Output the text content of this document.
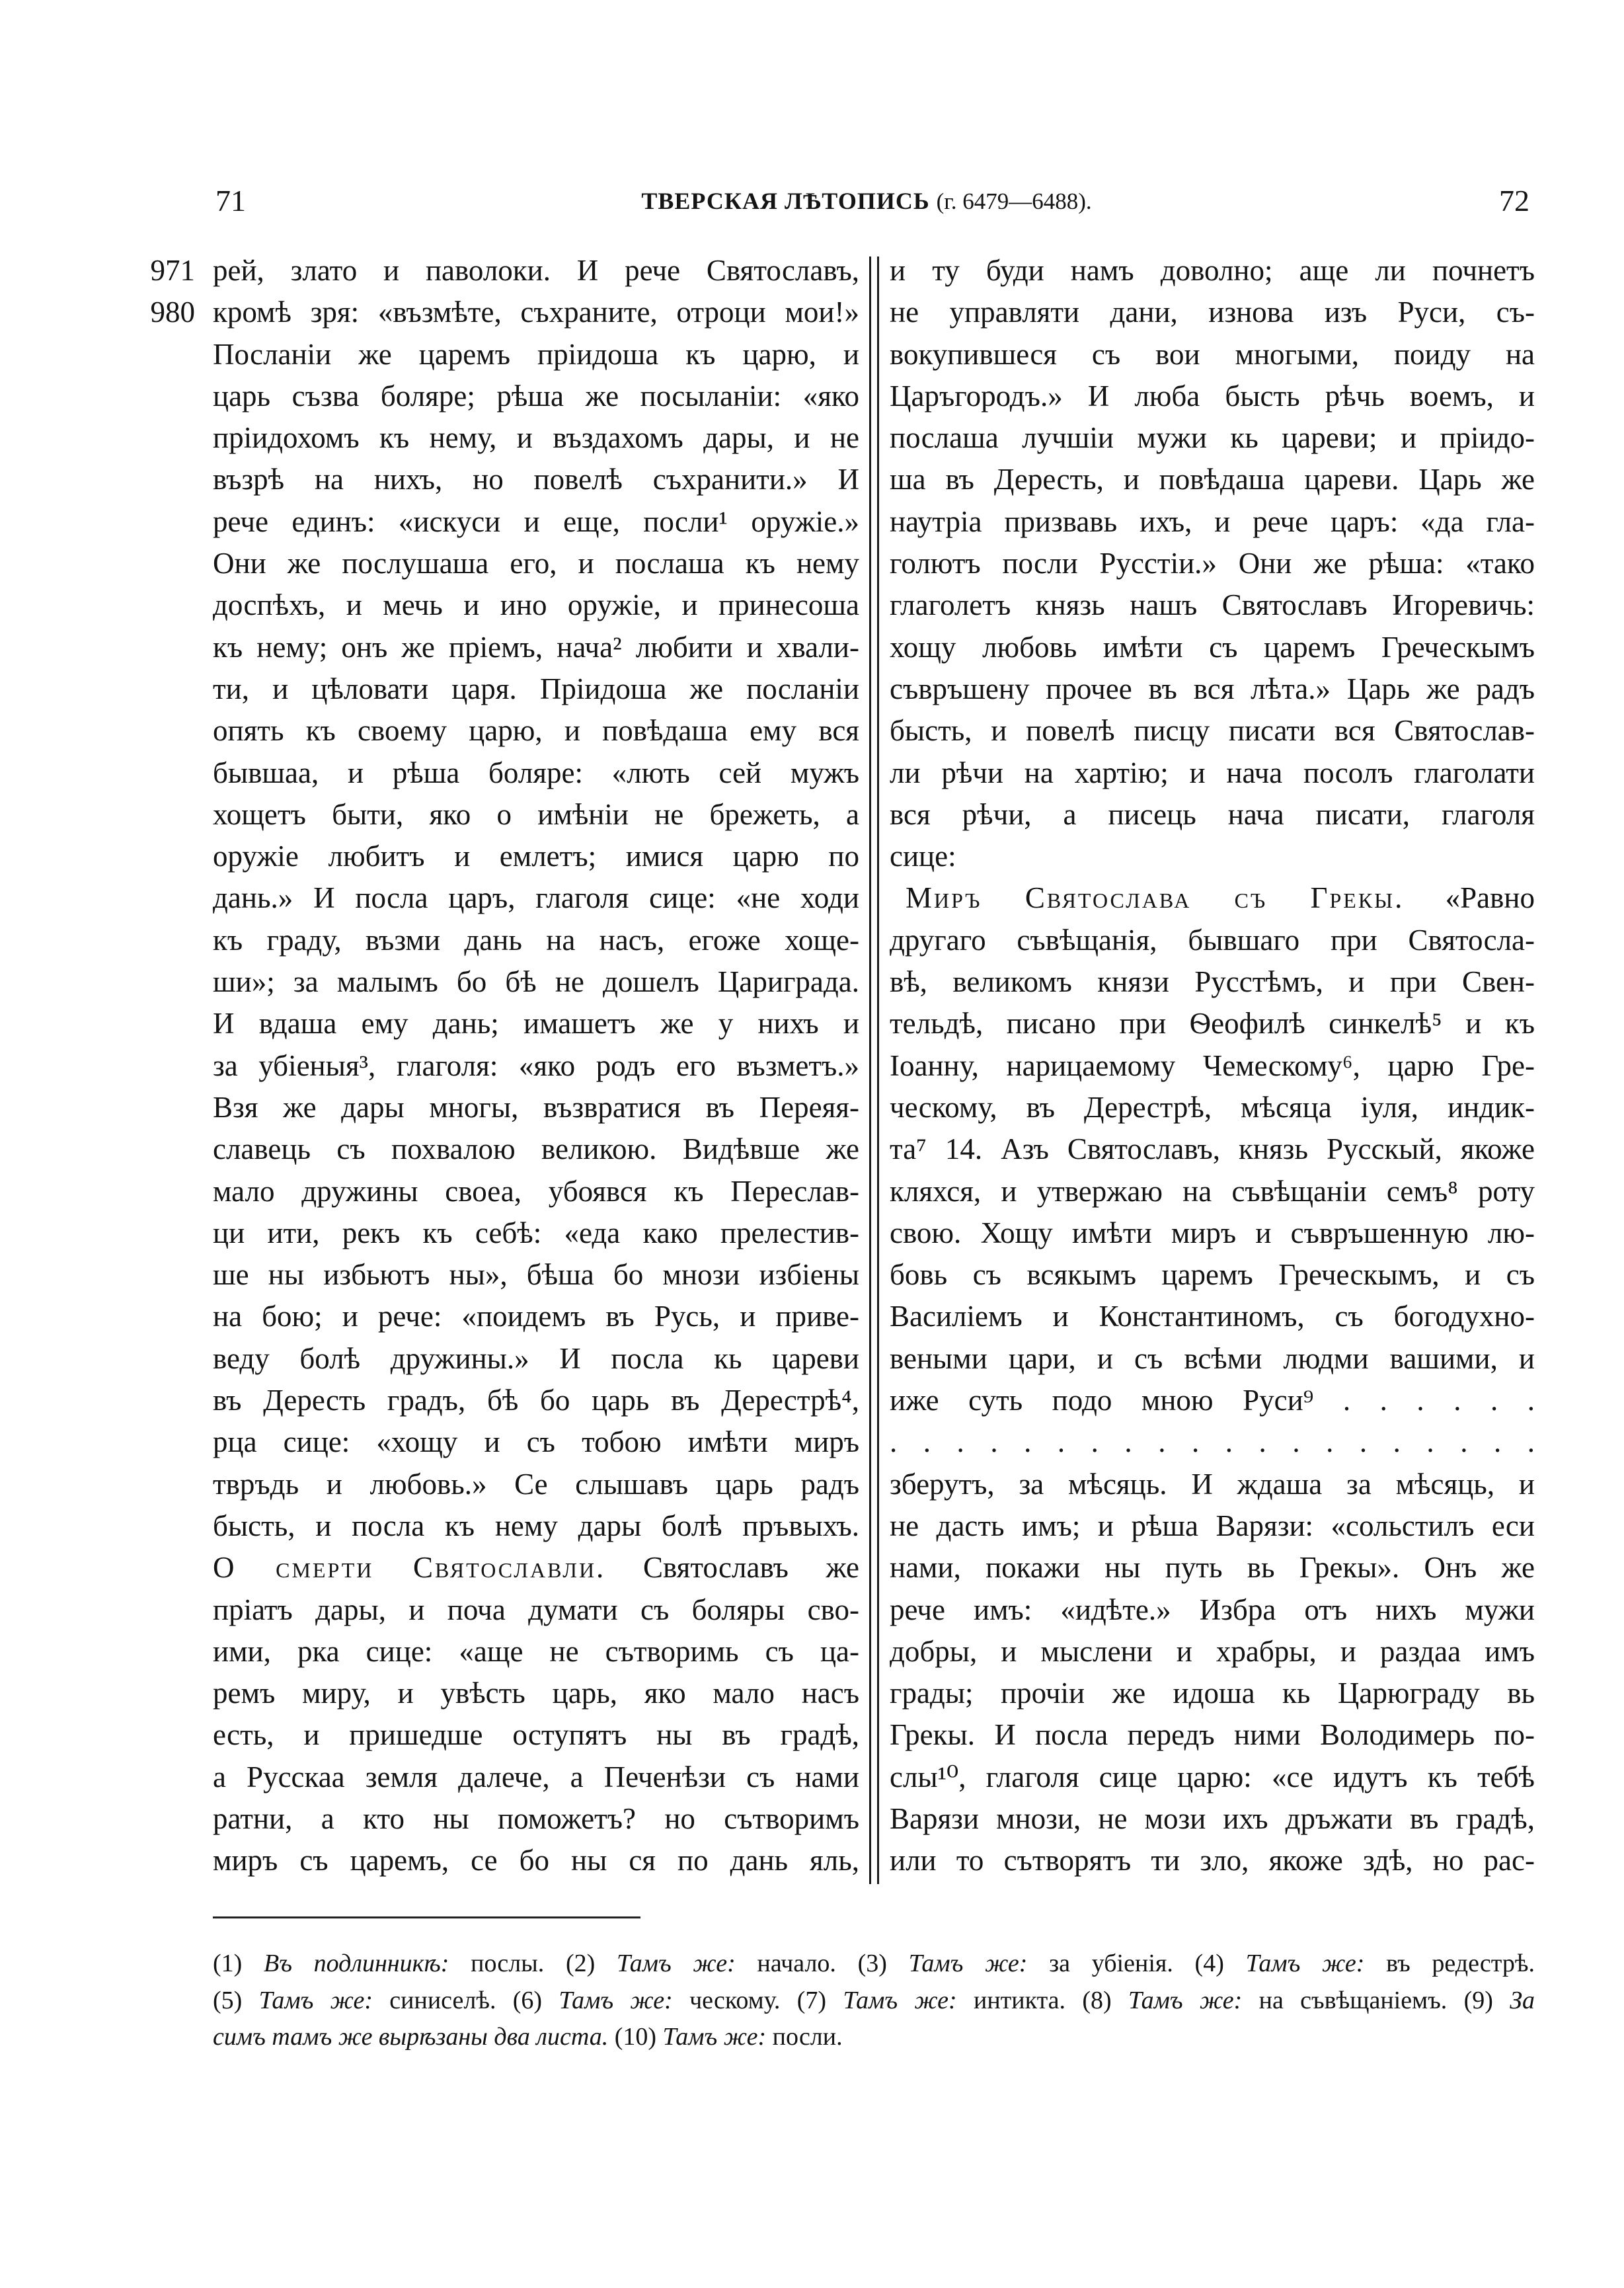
71	ТВЕРСКАЯ ЛѢТОПИСЬ (г. 6479—6488).	72
971
980
рей, злато и паволоки. И рече Святославъ,
кромѣ зря: «възмѣте, съхраните, отроци мои!»
Посланіи же царемъ пріидоша къ царю, и
царь съзва боляре; рѣша же посыланіи: «яко
пріидохомъ къ нему, и въздахомъ дары, и не
възрѣ на нихъ, но повелѣ съхранити.» И
рече единъ: «искуси и еще, посли¹ оружіе.»
Они же послушаша его, и послаша къ нему
доспѣхъ, и мечь и ино оружіе, и принесоша
къ нему; онъ же пріемъ, нача² любити и хвали-
ти, и цѣловати царя. Пріидоша же посланіи
опять къ своему царю, и повѣдаша ему вся
бывшаа, и рѣша боляре: «лють сей мужъ
хощетъ быти, яко о имѣніи не брежеть, а
оружіе любитъ и емлетъ; имися царю по
дань.» И посла царъ, глаголя сице: «не ходи
къ граду, възми дань на насъ, егоже хоще-
ши»; за малымъ бо бѣ не дошелъ Цариграда.
И вдаша ему дань; имашетъ же у нихъ и
за убіеныя³, глаголя: «яко родъ его възметъ.»
Взя же дары многы, възвратися въ Переяя-
славець съ похвалою великою. Видѣвше же
мало дружины своеа, убоявся къ Переслав-
ци ити, рекъ къ себѣ: «еда како прелестив-
ше ны избьютъ ны», бѣша бо мнози избіены
на бою; и рече: «поидемъ въ Русь, и приве-
веду болѣ дружины.» И посла кь цареви
въ Дересть градъ, бѣ бо царь въ Дерестрѣ⁴,
рца сице: «хощу и съ тобою имѣти миръ
твръдь и любовь.» Се слышавъ царь радъ
бысть, и посла къ нему дары болѣ пръвыхъ.
О смерти Святославли. Святославъ же
пріатъ дары, и поча думати съ боляры сво-
ими, рка сице: «аще не сътворимь съ ца-
ремъ миру, и увѣсть царь, яко мало насъ
есть, и пришедше оступятъ ны въ градѣ,
а Русскаа земля далече, а Печенѣзи съ нами
ратни, а кто ны поможетъ? но сътворимъ
миръ съ царемъ, се бо ны ся по дань яль,
и ту буди намъ доволно; аще ли почнетъ
не управляти дани, изнова изъ Руси, съ-
вокупившеся съ вои многыми, поиду на
Царъгородъ.» И люба бысть рѣчь воемъ, и
послаша лучшіи мужи кь цареви; и пріидо-
ша въ Дересть, и повѣдаша цареви. Царь же
наутріа призвавь ихъ, и рече царъ: «да гла-
голютъ посли Русстіи.» Они же рѣша: «тако
глаголетъ князь нашъ Святославъ Игоревичь:
хощу любовь имѣти съ царемъ Греческымъ
съвръшену прочее въ вся лѣта.» Царь же радъ
бысть, и повелѣ писцу писати вся Святослав-
ли рѣчи на хартію; и нача посолъ глаголати
вся рѣчи, а писець нача писати, глаголя
сице:
Миръ Святослава съ Грекы. «Равно
другаго съвѣщанія, бывшаго при Святосла-
вѣ, великомъ князи Русстѣмъ, и при Свен-
тельдѣ, писано при Ѳеофилѣ синкелѣ⁵ и къ
Іоанну, нарицаемому Чемескому⁶, царю Гре-
ческому, въ Дерестрѣ, мѣсяца іуля, индик-
та⁷ 14. Азъ Святославъ, князь Русскый, якоже
кляхся, и утвержаю на съвѣщаніи семъ⁸ роту
свою. Хощу имѣти миръ и съвръшенную лю-
бовь съ всякымъ царемъ Греческымъ, и съ
Василіемъ и Константиномъ, съ богодухно-
веными цари, и съ всѣми людми вашими, и
иже суть подо мною Руси⁹ . . . . . .
. . . . . . . . . . . . . . . . . . . .
зберутъ, за мѣсяць. И ждаша за мѣсяць, и
не дасть имъ; и рѣша Варязи: «сольстилъ еси
нами, покажи ны путь вь Грекы». Онъ же
рече имъ: «идѣте.» Избра отъ нихъ мужи
добры, и мыслени и храбры, и раздаа имъ
грады; прочіи же идоша кь Царюграду вь
Грекы. И посла передъ ними Володимерь по-
слы¹⁰, глаголя сице царю: «се идутъ къ тебѣ
Варязи мнози, не мози ихъ дръжати въ градѣ,
или то сътворятъ ти зло, якоже здѣ, но рас-
(1) Въ подлинникѣ: послы. (2) Тамъ же: начало. (3) Тамъ же: за убіенія. (4) Тамъ же: въ редестрѣ.
(5) Тамъ же: синиселѣ. (6) Тамъ же: ческому. (7) Тамъ же: интикта. (8) Тамъ же: на съвѣщаніемъ. (9) За
симъ тамъ же вырѣзаны два листа. (10) Тамъ же: посли.
